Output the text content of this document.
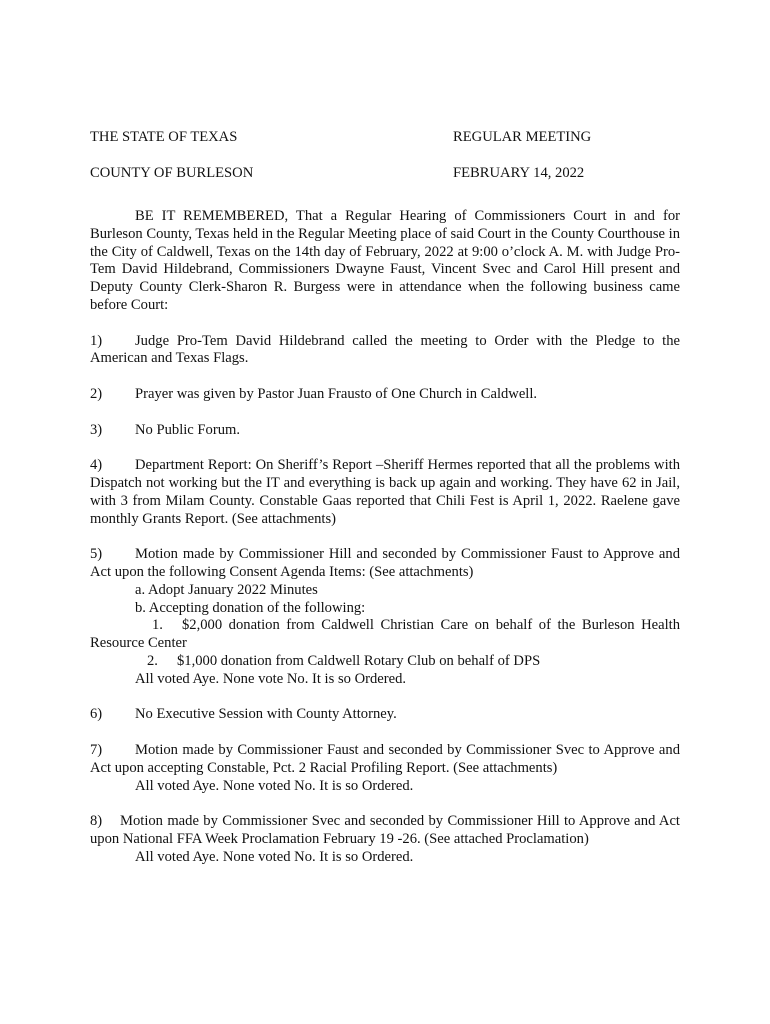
THE STATE OF TEXAS	REGULAR MEETING
COUNTY OF BURLESON	FEBRUARY 14, 2022

BE IT REMEMBERED, That a Regular Hearing of Commissioners Court in and for Burleson County, Texas held in the Regular Meeting place of said Court in the County Courthouse in the City of Caldwell, Texas on the 14th day of February, 2022 at 9:00 o’clock A. M. with Judge Pro-Tem David Hildebrand, Commissioners Dwayne Faust, Vincent Svec and Carol Hill present and Deputy County Clerk-Sharon R. Burgess were in attendance when the following business came before Court:

1) Judge Pro-Tem David Hildebrand called the meeting to Order with the Pledge to the American and Texas Flags.
2) Prayer was given by Pastor Juan Frausto of One Church in Caldwell.
3) No Public Forum.
4) Department Report: On Sheriff’s Report –Sheriff Hermes reported that all the problems with Dispatch not working but the IT and everything is back up again and working. They have 62 in Jail, with 3 from Milam County. Constable Gaas reported that Chili Fest is April 1, 2022. Raelene gave monthly Grants Report. (See attachments)
5) Motion made by Commissioner Hill and seconded by Commissioner Faust to Approve and Act upon the following Consent Agenda Items: (See attachments)
a. Adopt January 2022 Minutes
b. Accepting donation of the following:
1. $2,000 donation from Caldwell Christian Care on behalf of the Burleson Health Resource Center
2. $1,000 donation from Caldwell Rotary Club on behalf of DPS
All voted Aye. None vote No. It is so Ordered.
6) No Executive Session with County Attorney.
7) Motion made by Commissioner Faust and seconded by Commissioner Svec to Approve and Act upon accepting Constable, Pct. 2 Racial Profiling Report. (See attachments)
All voted Aye. None voted No. It is so Ordered.
8) Motion made by Commissioner Svec and seconded by Commissioner Hill to Approve and Act upon National FFA Week Proclamation February 19 -26. (See attached Proclamation)
All voted Aye. None voted No. It is so Ordered.
